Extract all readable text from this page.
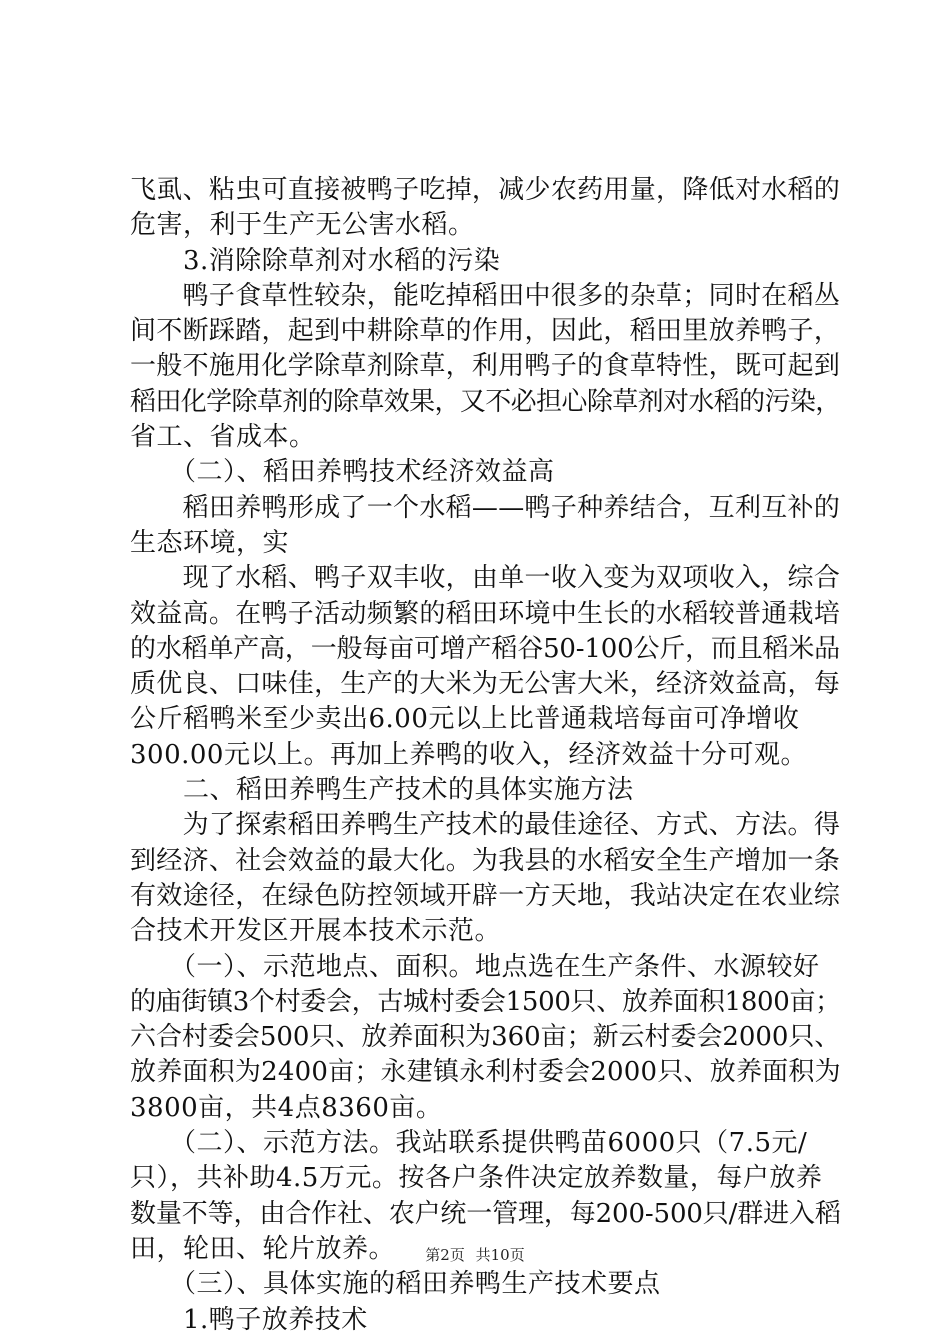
飞虱、粘虫可直接被鸭子吃掉，减少农药用量，降低对水稻的
危害，利于生产无公害水稻。
　　3.消除除草剂对水稻的污染
　　鸭子食草性较杂，能吃掉稻田中很多的杂草；同时在稻丛
间不断踩踏，起到中耕除草的作用，因此，稻田里放养鸭子，
一般不施用化学除草剂除草，利用鸭子的食草特性，既可起到
稻田化学除草剂的除草效果，又不必担心除草剂对水稻的污染，
省工、省成本。
　　（二）、稻田养鸭技术经济效益高
　　稻田养鸭形成了一个水稻——鸭子种养结合，互利互补的
生态环境，实
　　现了水稻、鸭子双丰收，由单一收入变为双项收入，综合
效益高。在鸭子活动频繁的稻田环境中生长的水稻较普通栽培
的水稻单产高，一般每亩可增产稻谷50-100公斤，而且稻米品
质优良、口味佳，生产的大米为无公害大米，经济效益高，每
公斤稻鸭米至少卖出6.00元以上比普通栽培每亩可净增收
300.00元以上。再加上养鸭的收入，经济效益十分可观。
　　二、稻田养鸭生产技术的具体实施方法
　　为了探索稻田养鸭生产技术的最佳途径、方式、方法。得
到经济、社会效益的最大化。为我县的水稻安全生产增加一条
有效途径，在绿色防控领域开辟一方天地，我站决定在农业综
合技术开发区开展本技术示范。
　　（一）、示范地点、面积。地点选在生产条件、水源较好
的庙街镇3个村委会，古城村委会1500只、放养面积1800亩；
六合村委会500只、放养面积为360亩；新云村委会2000只、
放养面积为2400亩；永建镇永利村委会2000只、放养面积为
3800亩，共4点8360亩。
　　（二）、示范方法。我站联系提供鸭苗6000只（7.5元/
只），共补助4.5万元。按各户条件决定放养数量，每户放养
数量不等，由合作社、农户统一管理，每200-500只/群进入稻
田，轮田、轮片放养。
　　（三）、具体实施的稻田养鸭生产技术要点
　　1.鸭子放养技术
第2页 共10页
